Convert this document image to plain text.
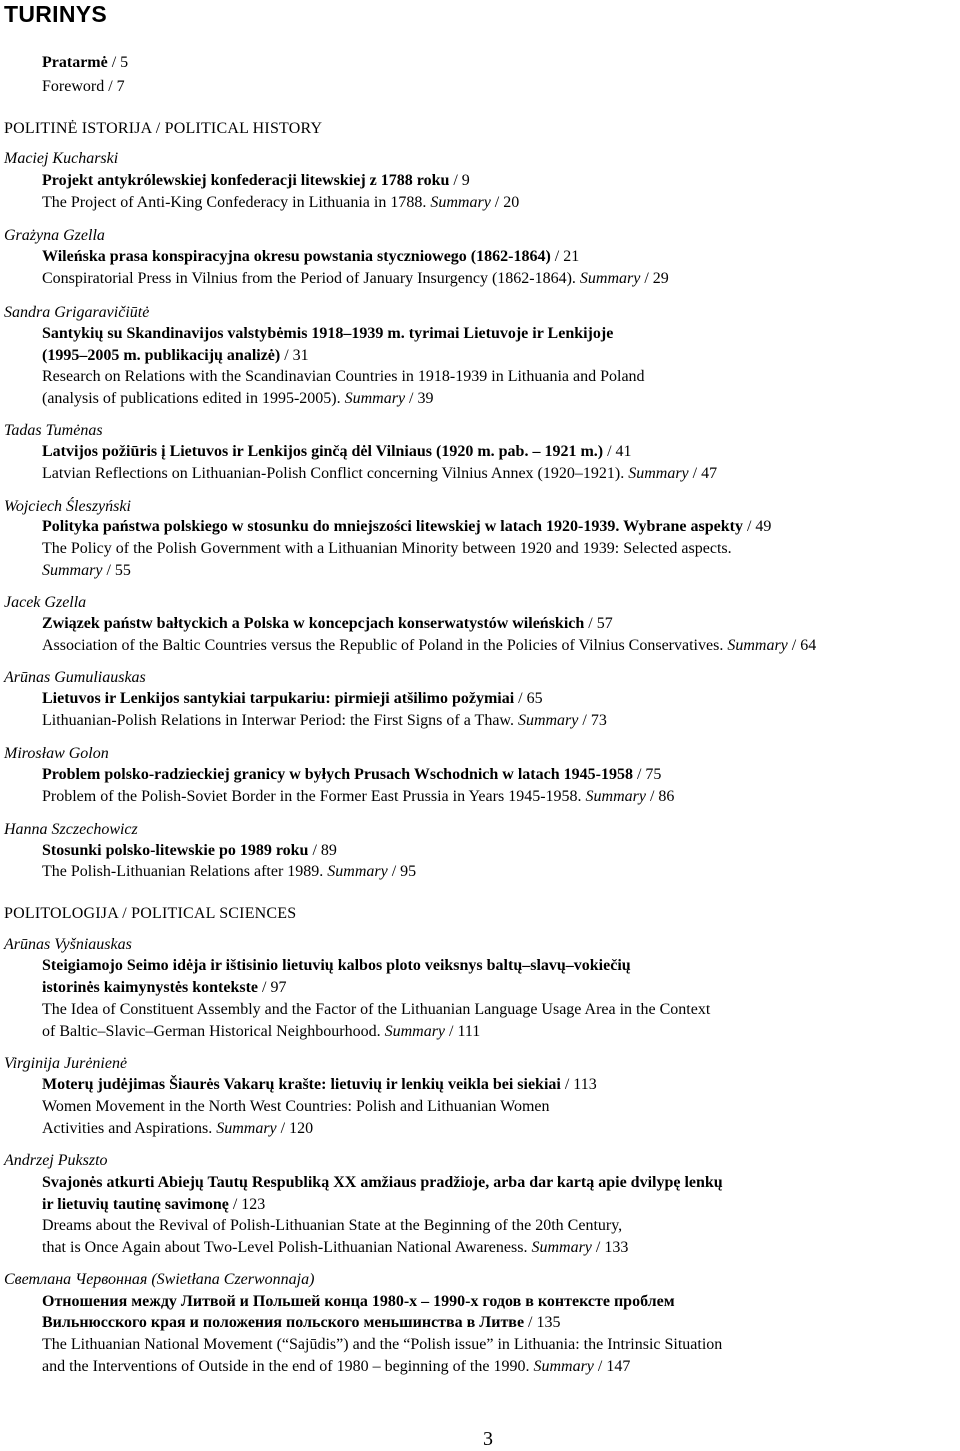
TURINYS
Pratarmė / 5
Foreword / 7
POLITINĖ ISTORIJA / POLITICAL HISTORY
Maciej Kucharski
Projekt antykrólewskiej konfederacji litewskiej z 1788 roku / 9
The Project of Anti-King Confederacy in Lithuania in 1788. Summary / 20
Grażyna Gzella
Wileńska prasa konspiracyjna okresu powstania styczniowego (1862-1864) / 21
Conspiratorial Press in Vilnius from the Period of January Insurgency (1862-1864). Summary / 29
Sandra Grigaravičiūtė
Santykių su Skandinavijos valstybėmis 1918–1939 m. tyrimai Lietuvoje ir Lenkijoje
(1995–2005 m. publikacijų analizė) / 31
Research on Relations with the Scandinavian Countries in 1918-1939 in Lithuania and Poland
(analysis of publications edited in 1995-2005). Summary / 39
Tadas Tumėnas
Latvijos požiūris į Lietuvos ir Lenkijos ginčą dėl Vilniaus (1920 m. pab. – 1921 m.) / 41
Latvian Reflections on Lithuanian-Polish Conflict concerning Vilnius Annex (1920–1921). Summary / 47
Wojciech Śleszyński
Polityka państwa polskiego w stosunku do mniejszości litewskiej w latach 1920-1939. Wybrane aspekty / 49
The Policy of the Polish Government with a Lithuanian Minority between 1920 and 1939: Selected aspects.
Summary / 55
Jacek Gzella
Związek państw bałtyckich a Polska w koncepcjach konserwatystów wileńskich / 57
Association of the Baltic Countries versus the Republic of Poland in the Policies of Vilnius Conservatives. Summary / 64
Arūnas Gumuliauskas
Lietuvos ir Lenkijos santykiai tarpukariu: pirmieji atšilimo požymiai / 65
Lithuanian-Polish Relations in Interwar Period: the First Signs of a Thaw. Summary / 73
Mirosław Golon
Problem polsko-radzieckiej granicy w byłych Prusach Wschodnich w latach 1945-1958 / 75
Problem of the Polish-Soviet Border in the Former East Prussia in Years 1945-1958. Summary / 86
Hanna Szczechowicz
Stosunki polsko-litewskie po 1989 roku / 89
The Polish-Lithuanian Relations after 1989. Summary / 95
POLITOLOGIJA / POLITICAL SCIENCES
Arūnas Vyšniauskas
Steigiamojo Seimo idėja ir ištisinio lietuvių kalbos ploto veiksnys baltų–slavų–vokiečių
istorinės kaimynystės kontekste / 97
The Idea of Constituent Assembly and the Factor of the Lithuanian Language Usage Area in the Context
of Baltic–Slavic–German Historical Neighbourhood. Summary / 111
Virginija Jurėnienė
Moterų judėjimas Šiaurės Vakarų krašte: lietuvių ir lenkių veikla bei siekiai / 113
Women Movement in the North West Countries: Polish and Lithuanian Women
Activities and Aspirations. Summary / 120
Andrzej Pukszto
Svajonės atkurti Abiejų Tautų Respubliką XX amžiaus pradžioje, arba dar kartą apie dvilypę lenkų
ir lietuvių tautinę savimonę / 123
Dreams about the Revival of Polish-Lithuanian State at the Beginning of the 20th Century,
that is Once Again about Two-Level Polish-Lithuanian National Awareness. Summary / 133
Светлана Червонная (Swietłana Czerwonnaja)
Отношения между Литвой и Польшей конца 1980-х – 1990-х годов в контексте проблем
Вильнюсского края и положения польского меньшинства в Литве / 135
The Lithuanian National Movement (“Sajūdis”) and the “Polish issue” in Lithuania: the Intrinsic Situation
and the Interventions of Outside in the end of 1980 – beginning of the 1990. Summary / 147
3
